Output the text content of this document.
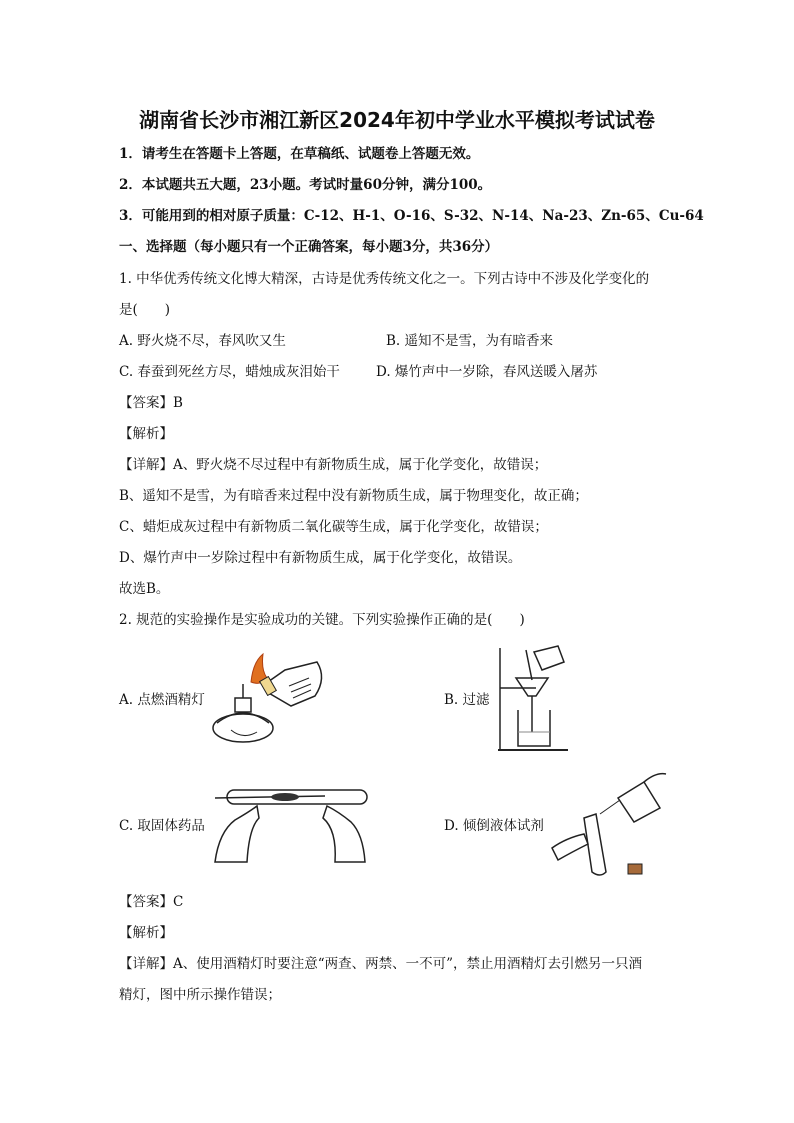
湖南省长沙市湘江新区2024年初中学业水平模拟考试试卷
1．请考生在答题卡上答题，在草稿纸、试题卷上答题无效。
2．本试题共五大题，23小题。考试时量60分钟，满分100。
3．可能用到的相对原子质量：C-12、H-1、O-16、S-32、N-14、Na-23、Zn-65、Cu-64
一、选择题（每小题只有一个正确答案，每小题3分，共36分）
1. 中华优秀传统文化博大精深，古诗是优秀传统文化之一。下列古诗中不涉及化学变化的
是(　　)
A. 野火烧不尽，春风吹又生	B. 遥知不是雪，为有暗香来
C. 春蚕到死丝方尽，蜡烛成灰泪始干	D. 爆竹声中一岁除，春风送暖入屠苏
【答案】B
【解析】
【详解】A、野火烧不尽过程中有新物质生成，属于化学变化，故错误；
B、遥知不是雪，为有暗香来过程中没有新物质生成，属于物理变化，故正确；
C、蜡炬成灰过程中有新物质二氧化碳等生成，属于化学变化，故错误；
D、爆竹声中一岁除过程中有新物质生成，属于化学变化，故错误。
故选B。
2. 规范的实验操作是实验成功的关键。下列实验操作正确的是(　　)
A. 点燃酒精灯	B. 过滤
C. 取固体药品	D. 倾倒液体试剂
【答案】C
【解析】
【详解】A、使用酒精灯时要注意“两查、两禁、一不可”，禁止用酒精灯去引燃另一只酒
精灯，图中所示操作错误；
